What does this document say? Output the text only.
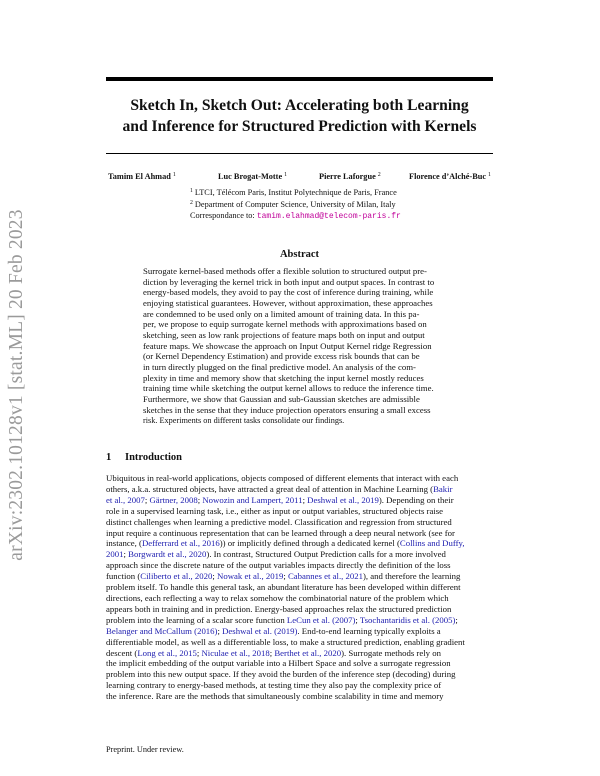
arXiv:2302.10128v1 [stat.ML] 20 Feb 2023
Sketch In, Sketch Out: Accelerating both Learning
and Inference for Structured Prediction with Kernels
Tamim El Ahmad $^1$	Luc Brogat-Motte $^1$	Pierre Laforgue $^2$	Florence d’Alché-Buc $^1$
$^1$ LTCI, Télécom Paris, Institut Polytechnique de Paris, France
$^2$ Department of Computer Science, University of Milan, Italy
Correspondance to: tamim.elahmad@telecom-paris.fr
Abstract
Surrogate kernel-based methods offer a flexible solution to structured output pre-
diction by leveraging the kernel trick in both input and output spaces. In contrast to
energy-based models, they avoid to pay the cost of inference during training, while
enjoying statistical guarantees. However, without approximation, these approaches
are condemned to be used only on a limited amount of training data. In this pa-
per, we propose to equip surrogate kernel methods with approximations based on
sketching, seen as low rank projections of feature maps both on input and output
feature maps. We showcase the approach on Input Output Kernel ridge Regression
(or Kernel Dependency Estimation) and provide excess risk bounds that can be
in turn directly plugged on the final predictive model. An analysis of the com-
plexity in time and memory show that sketching the input kernel mostly reduces
training time while sketching the output kernel allows to reduce the inference time.
Furthermore, we show that Gaussian and sub-Gaussian sketches are admissible
sketches in the sense that they induce projection operators ensuring a small excess
risk. Experiments on different tasks consolidate our findings.
1 Introduction
Ubiquitous in real-world applications, objects composed of different elements that interact with each
others, a.k.a. structured objects, have attracted a great deal of attention in Machine Learning (Bakir
et al., 2007; Gärtner, 2008; Nowozin and Lampert, 2011; Deshwal et al., 2019). Depending on their
role in a supervised learning task, i.e., either as input or output variables, structured objects raise
distinct challenges when learning a predictive model. Classification and regression from structured
input require a continuous representation that can be learned through a deep neural network (see for
instance, (Defferrard et al., 2016)) or implicitly defined through a dedicated kernel (Collins and Duffy,
2001; Borgwardt et al., 2020). In contrast, Structured Output Prediction calls for a more involved
approach since the discrete nature of the output variables impacts directly the definition of the loss
function (Ciliberto et al., 2020; Nowak et al., 2019; Cabannes et al., 2021), and therefore the learning
problem itself. To handle this general task, an abundant literature has been developed within different
directions, each reflecting a way to relax somehow the combinatorial nature of the problem which
appears both in training and in prediction. Energy-based approaches relax the structured prediction
problem into the learning of a scalar score function LeCun et al. (2007); Tsochantaridis et al. (2005);
Belanger and McCallum (2016); Deshwal et al. (2019). End-to-end learning typically exploits a
differentiable model, as well as a differentiable loss, to make a structured prediction, enabling gradient
descent (Long et al., 2015; Niculae et al., 2018; Berthet et al., 2020). Surrogate methods rely on
the implicit embedding of the output variable into a Hilbert Space and solve a surrogate regression
problem into this new output space. If they avoid the burden of the inference step (decoding) during
learning contrary to energy-based methods, at testing time they also pay the complexity price of
the inference. Rare are the methods that simultaneously combine scalability in time and memory
Preprint. Under review.
